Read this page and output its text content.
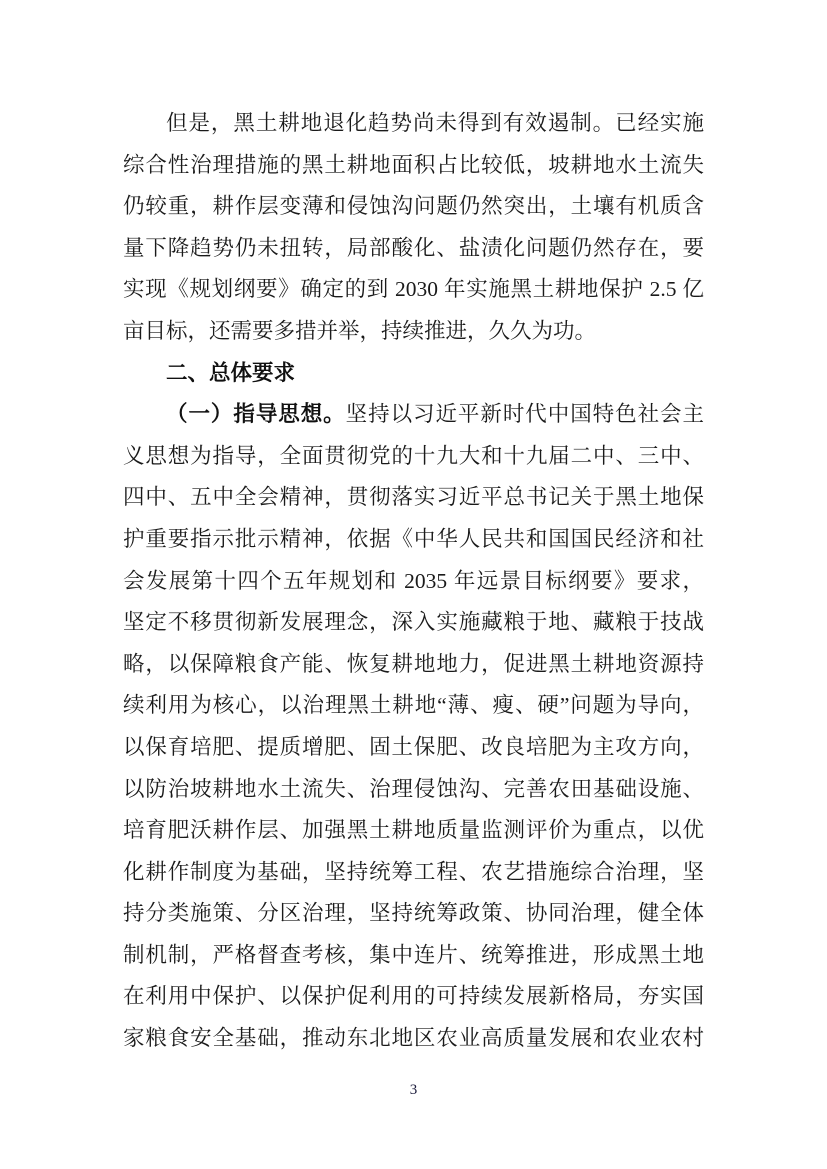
但是，黑土耕地退化趋势尚未得到有效遏制。已经实施
综合性治理措施的黑土耕地面积占比较低，坡耕地水土流失
仍较重，耕作层变薄和侵蚀沟问题仍然突出，土壤有机质含
量下降趋势仍未扭转，局部酸化、盐渍化问题仍然存在，要
实现《规划纲要》确定的到 2030 年实施黑土耕地保护 2.5 亿
亩目标，还需要多措并举，持续推进，久久为功。
二、总体要求
（一）指导思想。坚持以习近平新时代中国特色社会主
义思想为指导，全面贯彻党的十九大和十九届二中、三中、
四中、五中全会精神，贯彻落实习近平总书记关于黑土地保
护重要指示批示精神，依据《中华人民共和国国民经济和社
会发展第十四个五年规划和 2035 年远景目标纲要》要求，
坚定不移贯彻新发展理念，深入实施藏粮于地、藏粮于技战
略，以保障粮食产能、恢复耕地地力，促进黑土耕地资源持
续利用为核心，以治理黑土耕地“薄、瘦、硬”问题为导向，
以保育培肥、提质增肥、固土保肥、改良培肥为主攻方向，
以防治坡耕地水土流失、治理侵蚀沟、完善农田基础设施、
培育肥沃耕作层、加强黑土耕地质量监测评价为重点，以优
化耕作制度为基础，坚持统筹工程、农艺措施综合治理，坚
持分类施策、分区治理，坚持统筹政策、协同治理，健全体
制机制，严格督查考核，集中连片、统筹推进，形成黑土地
在利用中保护、以保护促利用的可持续发展新格局，夯实国
家粮食安全基础，推动东北地区农业高质量发展和农业农村
3
